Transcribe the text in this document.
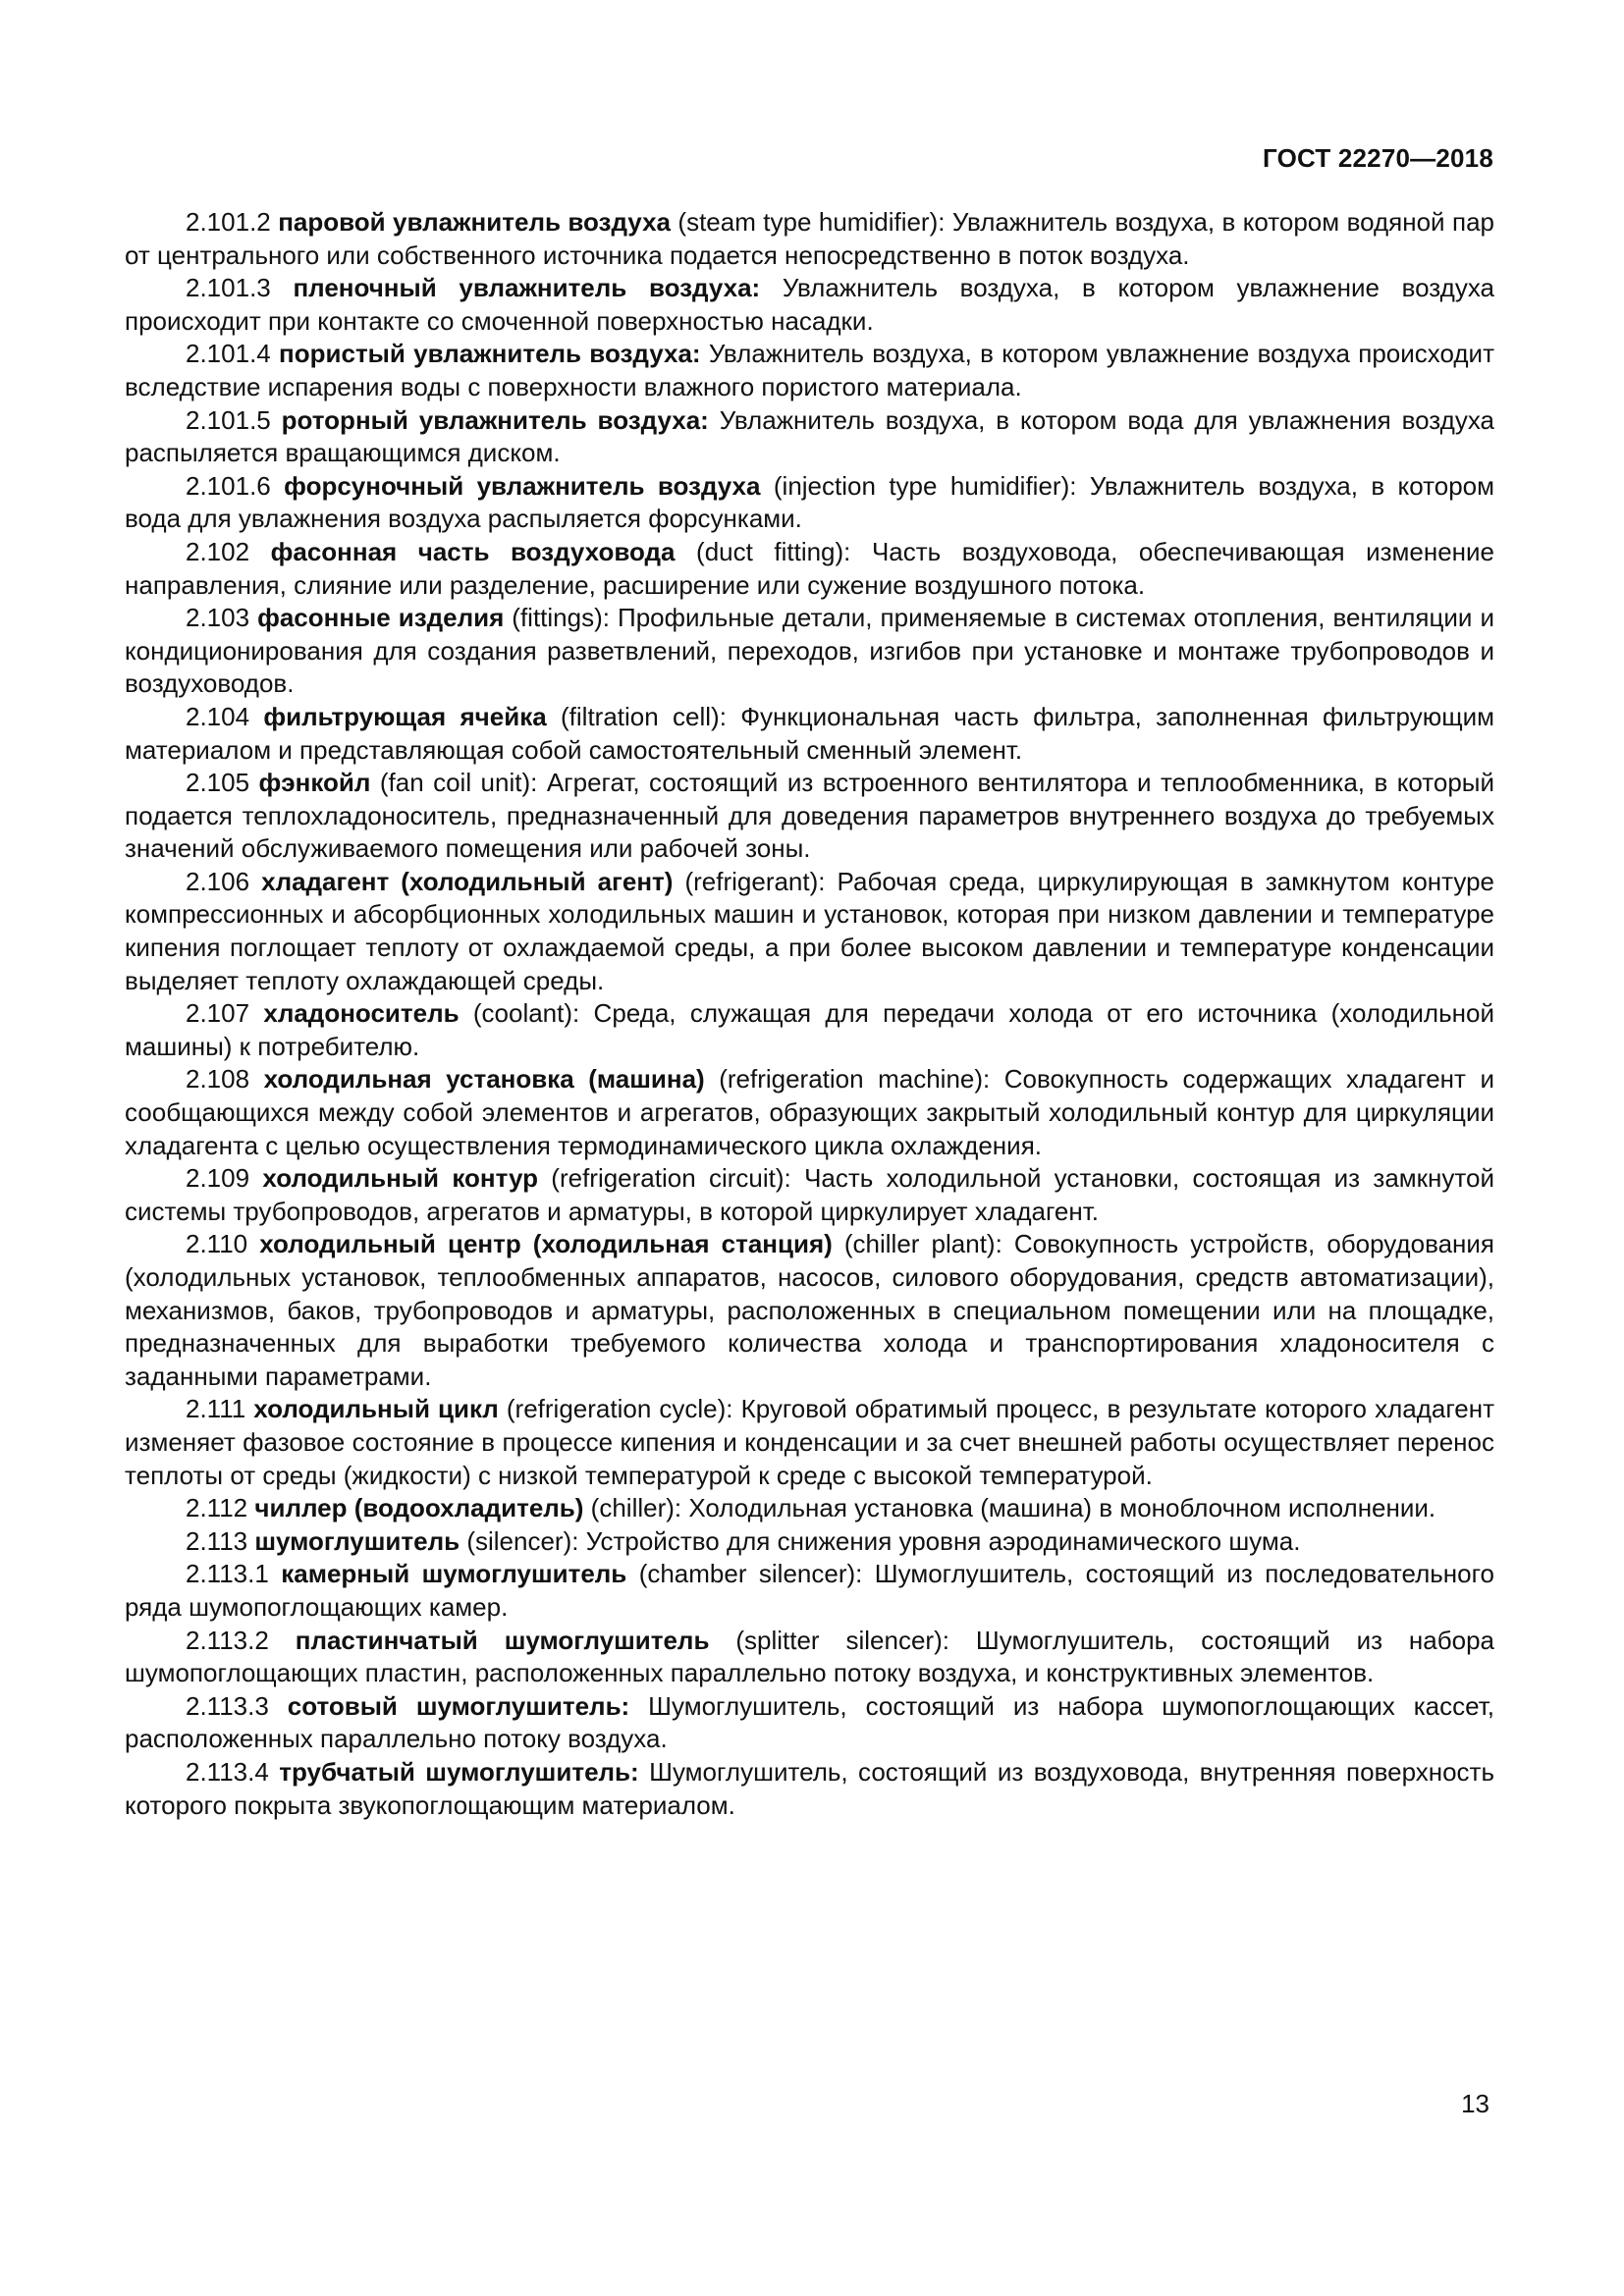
ГОСТ 22270—2018

2.101.2 паровой увлажнитель воздуха (steam type humidifier): Увлажнитель воздуха, в котором водяной пар от центрального или собственного источника подается непосредственно в поток воздуха.

2.101.3 пленочный увлажнитель воздуха: Увлажнитель воздуха, в котором увлажнение воздуха происходит при контакте со смоченной поверхностью насадки.

2.101.4 пористый увлажнитель воздуха: Увлажнитель воздуха, в котором увлажнение воздуха происходит вследствие испарения воды с поверхности влажного пористого материала.

2.101.5 роторный увлажнитель воздуха: Увлажнитель воздуха, в котором вода для увлажнения воздуха распыляется вращающимся диском.

2.101.6 форсуночный увлажнитель воздуха (injection type humidifier): Увлажнитель воздуха, в котором вода для увлажнения воздуха распыляется форсунками.

2.102 фасонная часть воздуховода (duct fitting): Часть воздуховода, обеспечивающая изменение направления, слияние или разделение, расширение или сужение воздушного потока.

2.103 фасонные изделия (fittings): Профильные детали, применяемые в системах отопления, вентиляции и кондиционирования для создания разветвлений, переходов, изгибов при установке и монтаже трубопроводов и воздуховодов.

2.104 фильтрующая ячейка (filtration cell): Функциональная часть фильтра, заполненная фильтрующим материалом и представляющая собой самостоятельный сменный элемент.

2.105 фэнкойл (fan coil unit): Агрегат, состоящий из встроенного вентилятора и теплообменника, в который подается теплохладоноситель, предназначенный для доведения параметров внутреннего воздуха до требуемых значений обслуживаемого помещения или рабочей зоны.

2.106 хладагент (холодильный агент) (refrigerant): Рабочая среда, циркулирующая в замкнутом контуре компрессионных и абсорбционных холодильных машин и установок, которая при низком давлении и температуре кипения поглощает теплоту от охлаждаемой среды, а при более высоком давлении и температуре конденсации выделяет теплоту охлаждающей среды.

2.107 хладоноситель (coolant): Среда, служащая для передачи холода от его источника (холодильной машины) к потребителю.

2.108 холодильная установка (машина) (refrigeration machine): Совокупность содержащих хладагент и сообщающихся между собой элементов и агрегатов, образующих закрытый холодильный контур для циркуляции хладагента с целью осуществления термодинамического цикла охлаждения.

2.109 холодильный контур (refrigeration circuit): Часть холодильной установки, состоящая из замкнутой системы трубопроводов, агрегатов и арматуры, в которой циркулирует хладагент.

2.110 холодильный центр (холодильная станция) (chiller plant): Совокупность устройств, оборудования (холодильных установок, теплообменных аппаратов, насосов, силового оборудования, средств автоматизации), механизмов, баков, трубопроводов и арматуры, расположенных в специальном помещении или на площадке, предназначенных для выработки требуемого количества холода и транспортирования хладоносителя с заданными параметрами.

2.111 холодильный цикл (refrigeration cycle): Круговой обратимый процесс, в результате которого хладагент изменяет фазовое состояние в процессе кипения и конденсации и за счет внешней работы осуществляет перенос теплоты от среды (жидкости) с низкой температурой к среде с высокой температурой.

2.112 чиллер (водоохладитель) (chiller): Холодильная установка (машина) в моноблочном исполнении.

2.113 шумоглушитель (silencer): Устройство для снижения уровня аэродинамического шума.

2.113.1 камерный шумоглушитель (chamber silencer): Шумоглушитель, состоящий из последовательного ряда шумопоглощающих камер.

2.113.2 пластинчатый шумоглушитель (splitter silencer): Шумоглушитель, состоящий из набора шумопоглощающих пластин, расположенных параллельно потоку воздуха, и конструктивных элементов.

2.113.3 сотовый шумоглушитель: Шумоглушитель, состоящий из набора шумопоглощающих кассет, расположенных параллельно потоку воздуха.

2.113.4 трубчатый шумоглушитель: Шумоглушитель, состоящий из воздуховода, внутренняя поверхность которого покрыта звукопоглощающим материалом.

13
